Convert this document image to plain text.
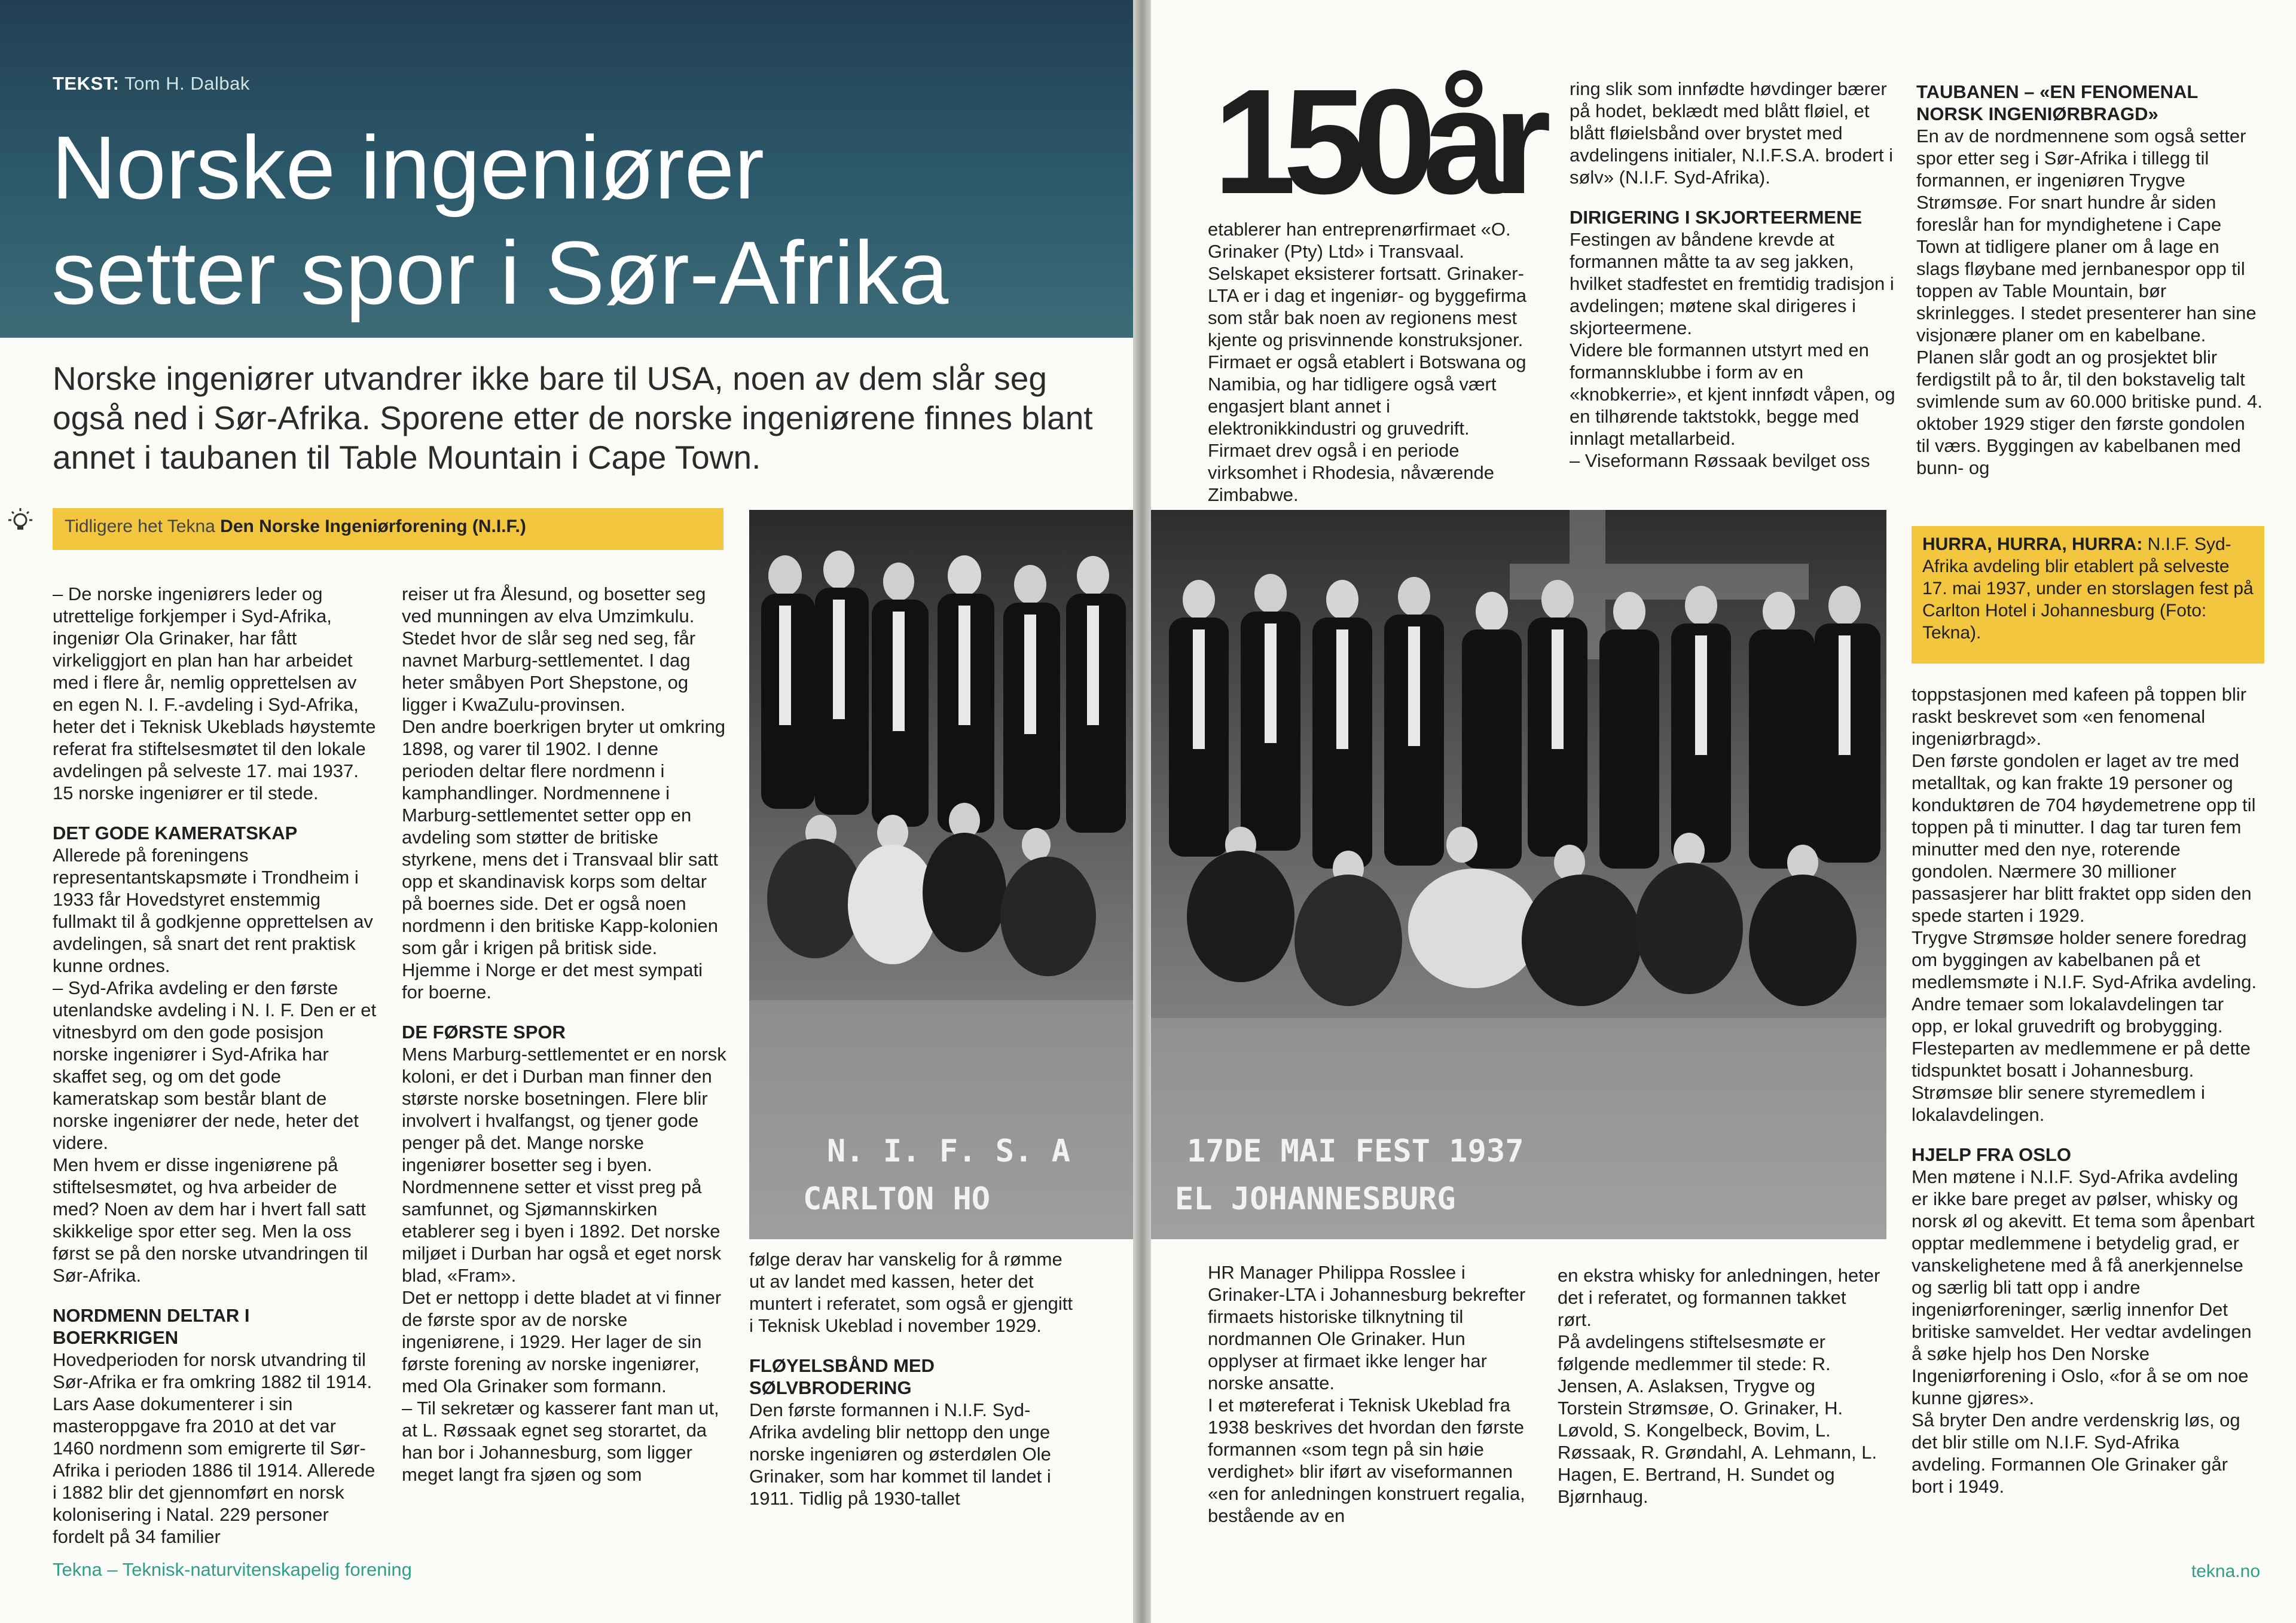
TEKST: Tom H. Dalbak
Norske ingeniører
setter spor i Sør-Afrika

Norske ingeniører utvandrer ikke bare til USA, noen av dem slår seg også ned i Sør-Afrika. Sporene etter de norske ingeniørene finnes blant annet i taubanen til Table Mountain i Cape Town.

Tidligere het Tekna Den Norske Ingeniørforening (N.I.F.)

– De norske ingeniørers leder og utrettelige forkjemper i Syd-Afrika, ingeniør Ola Grinaker, har fått virkeliggjort en plan han har arbeidet med i flere år, nemlig opprettelsen av en egen N. I. F.-avdeling i Syd-Afrika, heter det i Teknisk Ukeblads høystemte referat fra stiftelsesmøtet til den lokale avdelingen på selveste 17. mai 1937. 15 norske ingeniører er til stede.

DET GODE KAMERATSKAP

Allerede på foreningens representantskapsmøte i Trondheim i 1933 får Hovedstyret enstemmig fullmakt til å godkjenne opprettelsen av avdelingen, så snart det rent praktisk kunne ordnes.

– Syd-Afrika avdeling er den første utenlandske avdeling i N. I. F. Den er et vitnesbyrd om den gode posisjon norske ingeniører i Syd-Afrika har skaffet seg, og om det gode kameratskap som består blant de norske ingeniører der nede, heter det videre.

Men hvem er disse ingeniørene på stiftelsesmøtet, og hva arbeider de med? Noen av dem har i hvert fall satt skikkelige spor etter seg. Men la oss først se på den norske utvandringen til Sør-Afrika.

NORDMENN DELTAR I BOERKRIGEN

Hovedperioden for norsk utvandring til Sør-Afrika er fra omkring 1882 til 1914. Lars Aase dokumenterer i sin masteroppgave fra 2010 at det var 1460 nordmenn som emigrerte til Sør-Afrika i perioden 1886 til 1914. Allerede i 1882 blir det gjennomført en norsk kolonisering i Natal. 229 personer fordelt på 34 familier

reiser ut fra Ålesund, og bosetter seg ved munningen av elva Umzimkulu. Stedet hvor de slår seg ned seg, får navnet Marburg-settlementet. I dag heter småbyen Port Shepstone, og ligger i KwaZulu-provinsen.

Den andre boerkrigen bryter ut omkring 1898, og varer til 1902. I denne perioden deltar flere nordmenn i kamphandlinger. Nordmennene i Marburg-settlementet setter opp en avdeling som støtter de britiske styrkene, mens det i Transvaal blir satt opp et skandinavisk korps som deltar på boernes side. Det er også noen nordmenn i den britiske Kapp-kolonien som går i krigen på britisk side. Hjemme i Norge er det mest sympati for boerne.

DE FØRSTE SPOR

Mens Marburg-settlementet er en norsk koloni, er det i Durban man finner den største norske bosetningen. Flere blir involvert i hvalfangst, og tjener gode penger på det. Mange norske ingeniører bosetter seg i byen.

Nordmennene setter et visst preg på samfunnet, og Sjømannskirken etablerer seg i byen i 1892. Det norske miljøet i Durban har også et eget norsk blad, «Fram».

Det er nettopp i dette bladet at vi finner de første spor av de norske ingeniørene, i 1929. Her lager de sin første forening av norske ingeniører, med Ola Grinaker som formann.

– Til sekretær og kasserer fant man ut, at L. Røssaak egnet seg storartet, da han bor i Johannesburg, som ligger meget langt fra sjøen og som

følge derav har vanskelig for å rømme ut av landet med kassen, heter det muntert i referatet, som også er gjengitt i Teknisk Ukeblad i november 1929.

FLØYELSBÅND MED SØLVBRODERING

Den første formannen i N.I.F. Syd-Afrika avdeling blir nettopp den unge norske ingeniøren og østerdølen Ole Grinaker, som har kommet til landet i 1911. Tidlig på 1930-tallet

N. I. F. S. A
CARLTON HO
Tekna – Teknisk-naturvitenskapelig forening
150år

etablerer han entreprenørfirmaet «O. Grinaker (Pty) Ltd» i Transvaal. Selskapet eksisterer fortsatt. Grinaker-LTA er i dag et ingeniør- og byggefirma som står bak noen av regionens mest kjente og prisvinnende konstruksjoner. Firmaet er også etablert i Botswana og Namibia, og har tidligere også vært engasjert blant annet i elektronikkindustri og gruvedrift. Firmaet drev også i en periode virksomhet i Rhodesia, nåværende Zimbabwe.

ring slik som innfødte høvdinger bærer på hodet, beklædt med blått fløiel, et blått fløielsbånd over brystet med avdelingens initialer, N.I.F.S.A. brodert i sølv» (N.I.F. Syd-Afrika).

DIRIGERING I SKJORTEERMENE

Festingen av båndene krevde at formannen måtte ta av seg jakken, hvilket stadfestet en fremtidig tradisjon i avdelingen; møtene skal dirigeres i skjorteermene.

Videre ble formannen utstyrt med en formannsklubbe i form av en «knobkerrie», et kjent innfødt våpen, og en tilhørende taktstokk, begge med innlagt metallarbeid.

– Viseformann Røssaak bevilget oss

TAUBANEN – «EN FENOMENAL NORSK INGENIØRBRAGD»

En av de nordmennene som også setter spor etter seg i Sør-Afrika i tillegg til formannen, er ingeniøren Trygve Strømsøe. For snart hundre år siden foreslår han for myndighetene i Cape Town at tidligere planer om å lage en slags fløybane med jernbanespor opp til toppen av Table Mountain, bør skrinlegges. I stedet presenterer han sine visjonære planer om en kabelbane.

Planen slår godt an og prosjektet blir ferdigstilt på to år, til den bokstavelig talt svimlende sum av 60.000 britiske pund. 4. oktober 1929 stiger den første gondolen til værs. Byggingen av kabelbanen med bunn- og

17DE MAI FEST 1937
EL JOHANNESBURG
HURRA, HURRA, HURRA: N.I.F. Syd-Afrika avdeling blir etablert på selveste 17. mai 1937, under en storslagen fest på Carlton Hotel i Johannesburg (Foto: Tekna).

toppstasjonen med kafeen på toppen blir raskt beskrevet som «en fenomenal ingeniørbragd».

Den første gondolen er laget av tre med metalltak, og kan frakte 19 personer og konduktøren de 704 høydemetrene opp til toppen på ti minutter. I dag tar turen fem minutter med den nye, roterende gondolen. Nærmere 30 millioner passasjerer har blitt fraktet opp siden den spede starten i 1929.

Trygve Strømsøe holder senere foredrag om byggingen av kabelbanen på et medlemsmøte i N.I.F. Syd-Afrika avdeling. Andre temaer som lokalavdelingen tar opp, er lokal gruvedrift og brobygging. Flesteparten av medlemmene er på dette tidspunktet bosatt i Johannesburg. Strømsøe blir senere styremedlem i lokalavdelingen.

HJELP FRA OSLO

Men møtene i N.I.F. Syd-Afrika avdeling er ikke bare preget av pølser, whisky og norsk øl og akevitt. Et tema som åpenbart opptar medlemmene i betydelig grad, er vanskelighetene med å få anerkjennelse og særlig bli tatt opp i andre ingeniørforeninger, særlig innenfor Det britiske samveldet. Her vedtar avdelingen å søke hjelp hos Den Norske Ingeniørforening i Oslo, «for å se om noe kunne gjøres».

Så bryter Den andre verdenskrig løs, og det blir stille om N.I.F. Syd-Afrika avdeling. Formannen Ole Grinaker går bort i 1949.

HR Manager Philippa Rosslee i Grinaker-LTA i Johannesburg bekrefter firmaets historiske tilknytning til nordmannen Ole Grinaker. Hun opplyser at firmaet ikke lenger har norske ansatte.

I et møtereferat i Teknisk Ukeblad fra 1938 beskrives det hvordan den første formannen «som tegn på sin høie verdighet» blir iført av viseformannen «en for anledningen konstruert regalia, bestående av en

en ekstra whisky for anledningen, heter det i referatet, og formannen takket rørt.

På avdelingens stiftelsesmøte er følgende medlemmer til stede: R. Jensen, A. Aslaksen, Trygve og Torstein Strømsøe, O. Grinaker, H. Løvold, S. Kongelbeck, Bovim, L. Røssaak, R. Grøndahl, A. Lehmann, L. Hagen, E. Bertrand, H. Sundet og Bjørnhaug.

tekna.no
